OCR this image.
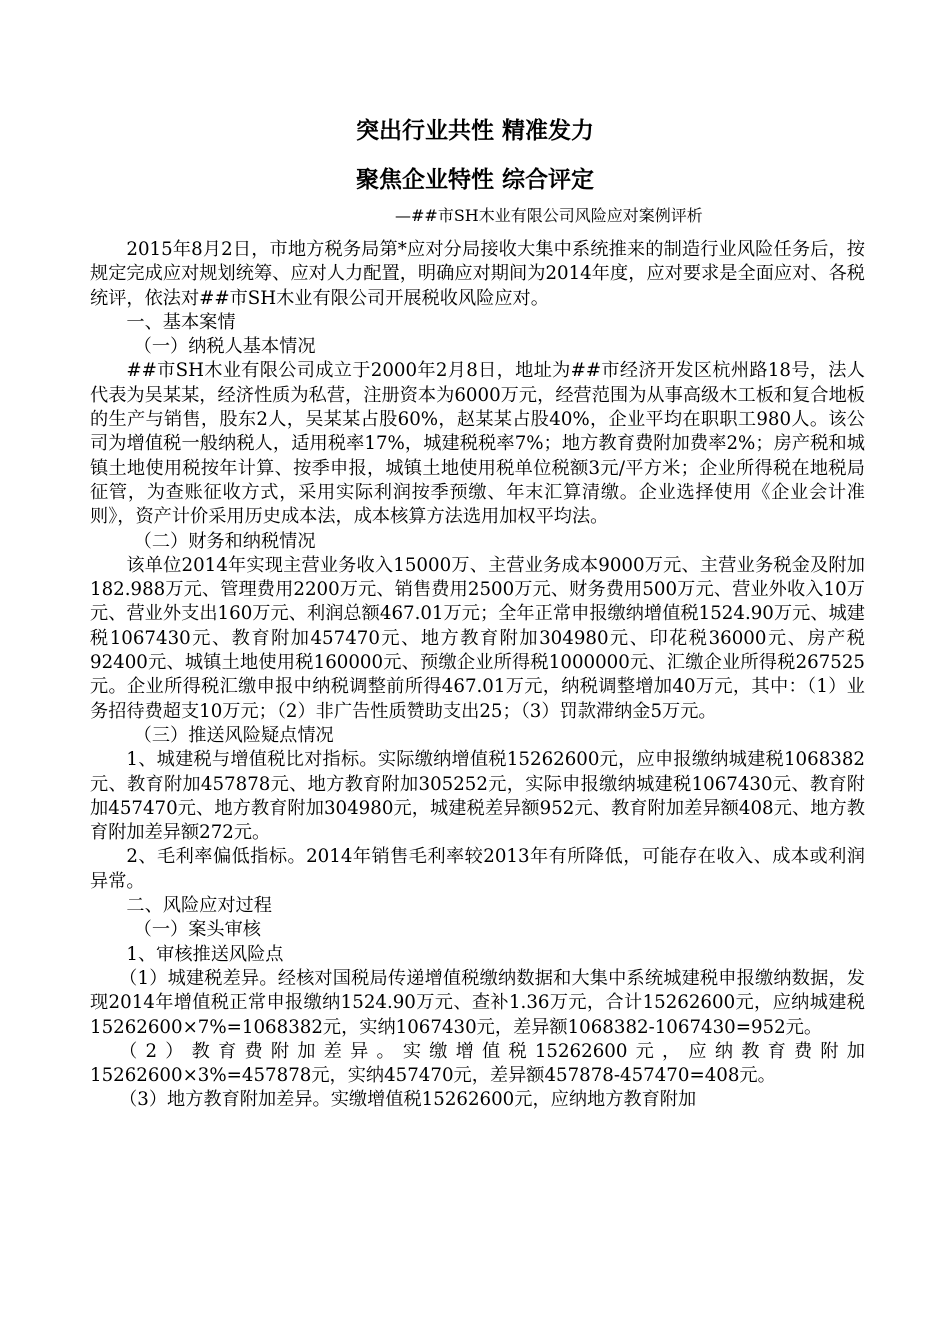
突出行业共性 精准发力
聚焦企业特性 综合评定
—##市SH木业有限公司风险应对案例评析

2015年8月2日，市地方税务局第*应对分局接收大集中系统推来的制造行业风险任务后，按规定完成应对规划统筹、应对人力配置，明确应对期间为2014年度，应对要求是全面应对、各税统评，依法对##市SH木业有限公司开展税收风险应对。

一、基本案情

（一）纳税人基本情况

##市SH木业有限公司成立于2000年2月8日，地址为##市经济开发区杭州路18号，法人代表为吴某某，经济性质为私营，注册资本为6000万元，经营范围为从事高级木工板和复合地板的生产与销售，股东2人，吴某某占股60%，赵某某占股40%，企业平均在职职工980人。该公司为增值税一般纳税人，适用税率17%，城建税税率7%；地方教育费附加费率2%；房产税和城镇土地使用税按年计算、按季申报，城镇土地使用税单位税额3元/平方米；企业所得税在地税局征管，为查账征收方式，采用实际利润按季预缴、年末汇算清缴。企业选择使用《企业会计准则》，资产计价采用历史成本法，成本核算方法选用加权平均法。

（二）财务和纳税情况

该单位2014年实现主营业务收入15000万、主营业务成本9000万元、主营业务税金及附加182.988万元、管理费用2200万元、销售费用2500万元、财务费用500万元、营业外收入10万元、营业外支出160万元、利润总额467.01万元；全年正常申报缴纳增值税1524.90万元、城建税1067430元、教育附加457470元、地方教育附加304980元、印花税36000元、房产税92400元、城镇土地使用税160000元、预缴企业所得税1000000元、汇缴企业所得税267525元。企业所得税汇缴申报中纳税调整前所得467.01万元，纳税调整增加40万元，其中：（1）业务招待费超支10万元；（2）非广告性质赞助支出25；（3）罚款滞纳金5万元。

（三）推送风险疑点情况

1、城建税与增值税比对指标。实际缴纳增值税15262600元，应申报缴纳城建税1068382元、教育附加457878元、地方教育附加305252元，实际申报缴纳城建税1067430元、教育附加457470元、地方教育附加304980元，城建税差异额952元、教育附加差异额408元、地方教育附加差异额272元。

2、毛利率偏低指标。2014年销售毛利率较2013年有所降低，可能存在收入、成本或利润异常。

二、风险应对过程

（一）案头审核

1、审核推送风险点

（1）城建税差异。经核对国税局传递增值税缴纳数据和大集中系统城建税申报缴纳数据，发现2014年增值税正常申报缴纳1524.90万元、查补1.36万元，合计15262600元，应纳城建税15262600×7%=1068382元，实纳1067430元，差异额1068382-1067430=952元。

（2）教育费附加差异。实缴增值税15262600元，应纳教育费附加15262600×3%=457878元，实纳457470元，差异额457878-457470=408元。

（3）地方教育附加差异。实缴增值税15262600元，应纳地方教育附加
